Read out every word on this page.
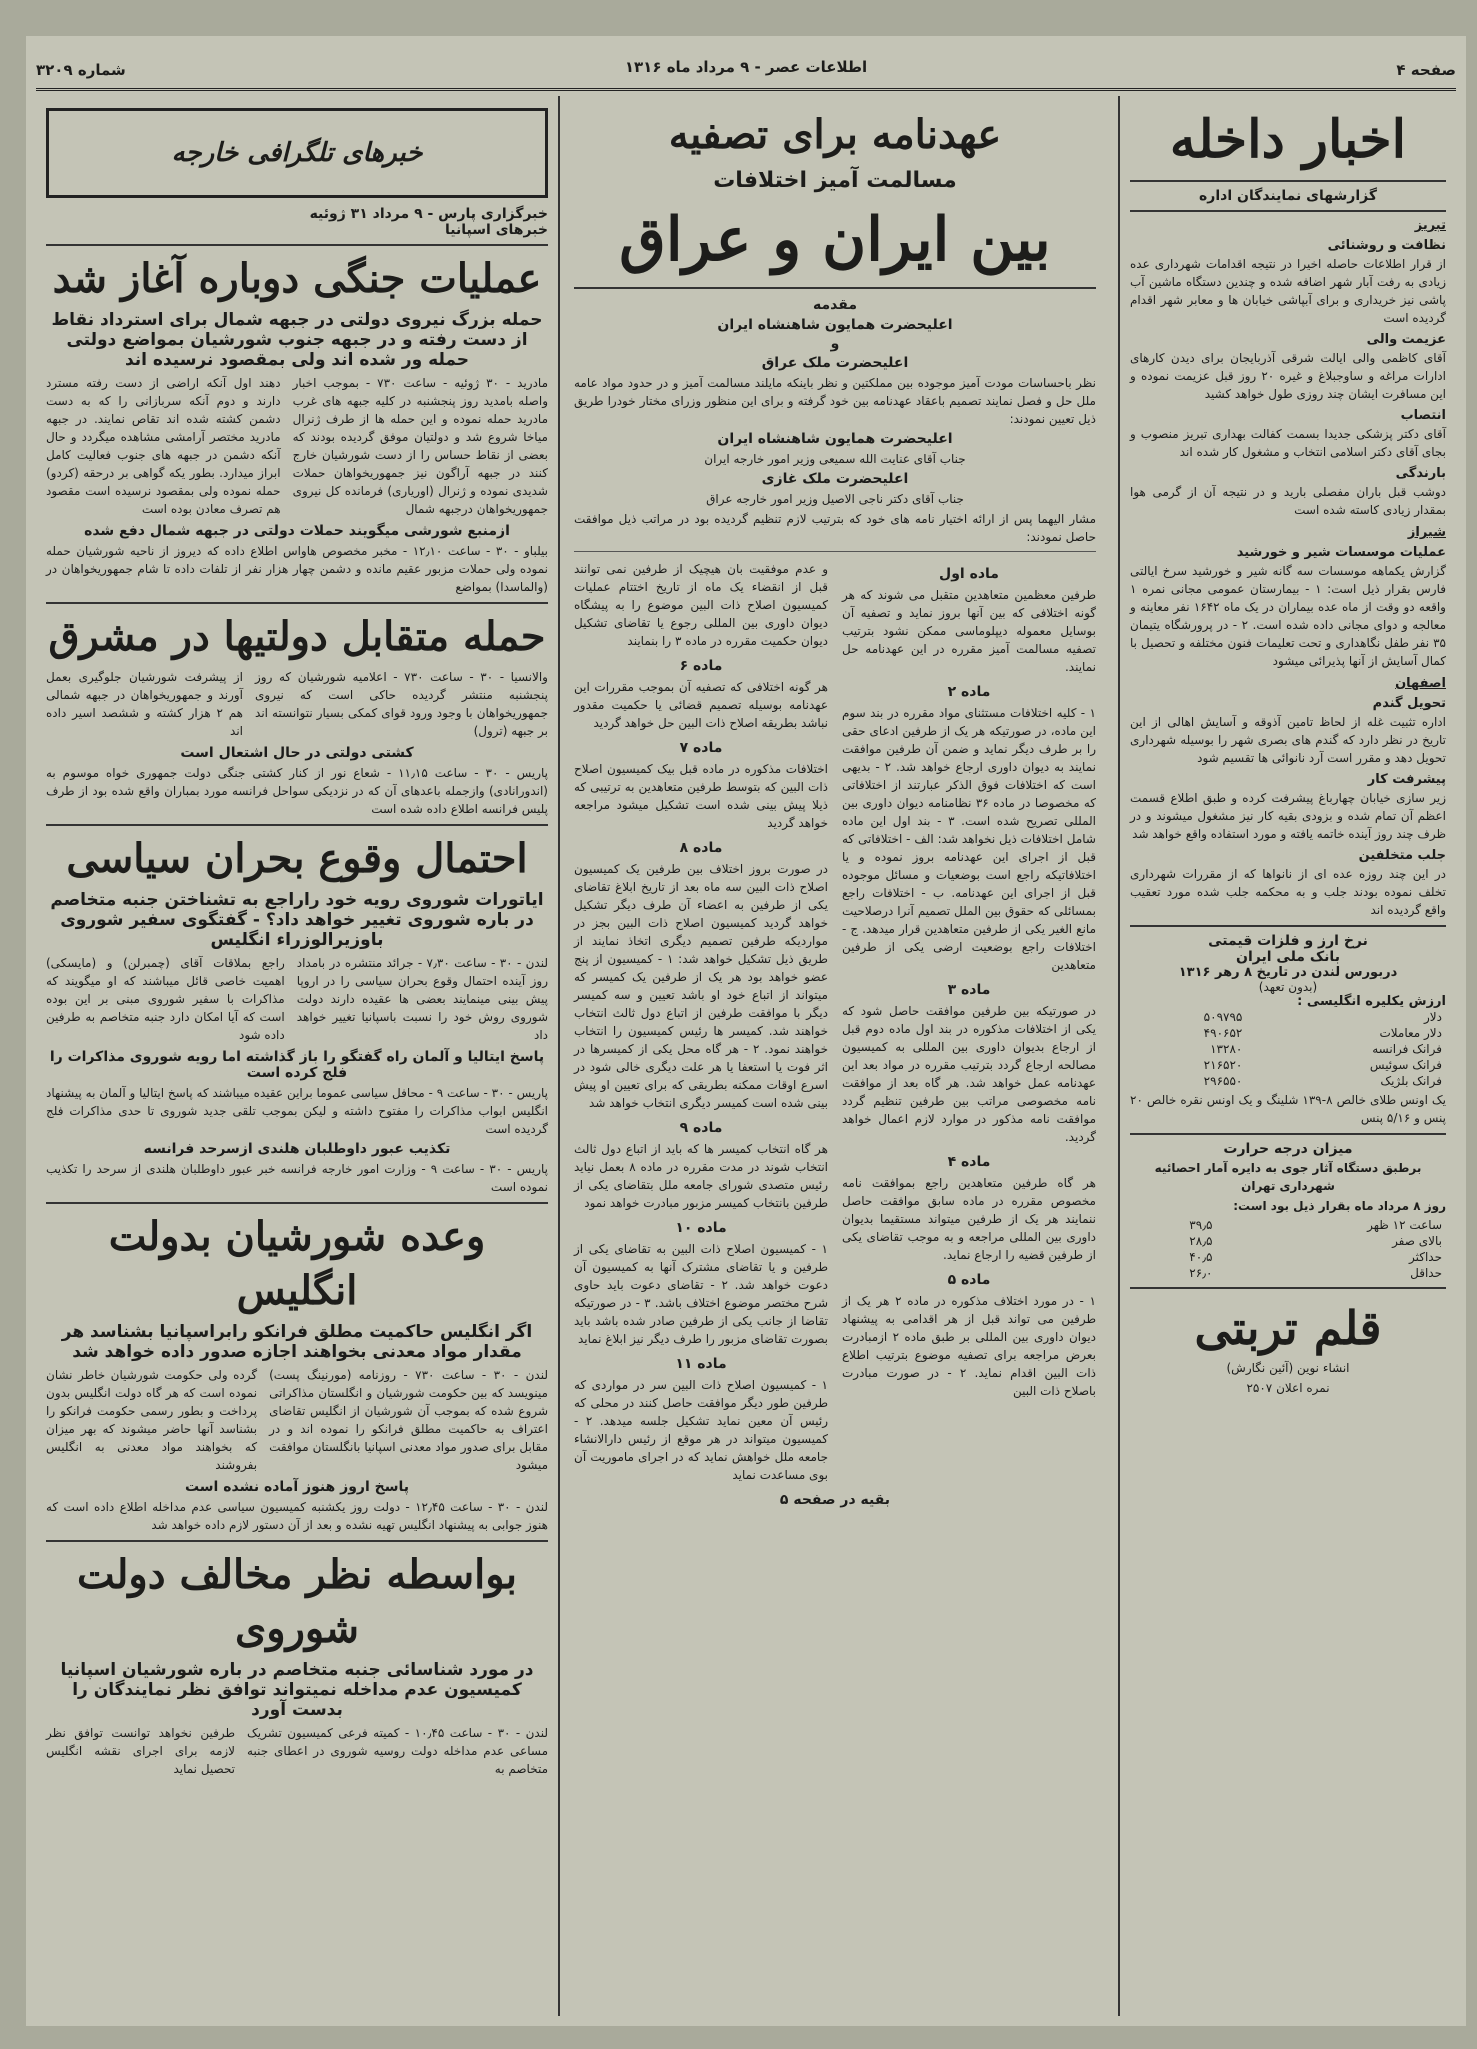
صفحه ۴
اطلاعات عصر - ۹ مرداد ماه ۱۳۱۶
شماره ۳۲۰۹
اخبار داخله
گزارشهای نمایندگان اداره
تبریز
نظافت و روشنائی

از قرار اطلاعات حاصله اخیرا در نتیجه اقدامات شهرداری عده زیادی به رفت آبار شهر اضافه شده و چندین دستگاه ماشین آب پاشی نیز خریداری و برای آبپاشی خیابان ها و معابر شهر اقدام گردیده است

عزیمت والی

آقای کاظمی والی ایالت شرقی آذربایجان برای دیدن کارهای ادارات مراغه و ساوجبلاغ و غیره ۲۰ روز قبل عزیمت نموده و این مسافرت ایشان چند روزی طول خواهد کشید

انتصاب

آقای دکتر پزشکی جدیدا بسمت کفالت بهداری تبریز منصوب و بجای آقای دکتر اسلامی انتخاب و مشغول کار شده اند

بارندگی

دوشب قبل باران مفصلی بارید و در نتیجه آن از گرمی هوا بمقدار زیادی کاسته شده است

شیراز
عملیات موسسات شیر و خورشید

گزارش یکماهه موسسات سه گانه شیر و خورشید سرخ ایالتی فارس بقرار ذیل است: ۱ - بیمارستان عمومی مجانی نمره ۱ واقعه دو وقت از ماه عده بیماران در یک ماه ۱۶۴۲ نفر معاینه و معالجه و دوای مجانی داده شده است. ۲ - در پرورشگاه یتیمان ۳۵ نفر طفل نگاهداری و تحت تعلیمات فنون مختلفه و تحصیل با کمال آسایش از آنها پذیرائی میشود

اصفهان
تحویل گندم

اداره تثبیت غله از لحاظ تامین آذوقه و آسایش اهالی از این تاریخ در نظر دارد که گندم های بصری شهر را بوسیله شهرداری تحویل دهد و مقرر است آرد نانوائی ها تقسیم شود

پیشرفت کار

زیر سازی خیابان چهارباغ پیشرفت کرده و طبق اطلاع قسمت اعظم آن تمام شده و بزودی بقیه کار نیز مشغول میشوند و در ظرف چند روز آینده خاتمه یافته و مورد استفاده واقع خواهد شد

جلب متخلفین

در این چند روزه عده ای از نانواها که از مقررات شهرداری تخلف نموده بودند جلب و به محکمه جلب شده مورد تعقیب واقع گردیده اند

نرخ ارز و فلزات قیمتی
بانک ملی ایران
دربورس لندن در تاریخ ۸ رهر ۱۳۱۶
(بدون تعهد)
ارزش یکلیره انگلیسی :
دلار	۵۰۹۷۹۵
دلار معاملات	۴۹۰۶۵۲
فرانک فرانسه	۱۳۲۸۰
فرانک سوئیس	۲۱۶۵۲۰
فرانک بلژیک	۲۹۶۵۵۰

یک اونس طلای خالص ۸-۱۳۹ شلینگ و یک اونس نقره خالص ۲۰ پنس و ۵/۱۶ پنس

میزان درجه حرارت

برطبق دستگاه آثار جوی به دایره آمار احصائیه شهرداری تهران

روز ۸ مرداد ماه بقرار ذیل بود است:

ساعت ۱۲ ظهر	۳۹٫۵
بالای صفر	۲۸٫۵
حداکثر	۴۰٫۵
حداقل	۲۶٫۰
قلم تربتی

انشاء نوین (آئین نگارش)

نمره اعلان ۲۵۰۷

عهدنامه برای تصفیه
مسالمت آمیز اختلافات
بین ایران و عراق
مقدمه
اعلیحضرت همایون شاهنشاه ایران
و
اعلیحضرت ملک عراق

نظر باحساسات مودت آمیز موجوده بین مملکتین و نظر باینکه مایلند مسالمت آمیز و در حدود مواد عامه ملل حل و فصل نمایند تصمیم باعقاد عهدنامه بین خود گرفته و برای این منظور وزرای مختار خودرا طریق ذیل تعیین نمودند:

اعلیحضرت همایون شاهنشاه ایران

جناب آقای عنایت الله سمیعی وزیر امور خارجه ایران

اعلیحضرت ملک غازی

جناب آقای دکتر ناجی الاصیل وزیر امور خارجه عراق

مشار الیهما پس از ارائه اختیار نامه های خود که بترتیب لازم تنظیم گردیده بود در مراتب ذیل موافقت حاصل نمودند:

ماده اول

طرفین معظمین متعاهدین متقبل می شوند که هر گونه اختلافی که بین آنها بروز نماید و تصفیه آن بوسایل معموله دیپلوماسی ممکن نشود بترتیب تصفیه مسالمت آمیز مقرره در این عهدنامه حل نمایند.

ماده ۲

۱ - کلیه اختلافات مستثنای مواد مقرره در بند سوم این ماده، در صورتیکه هر یک از طرفین ادعای حقی را بر طرف دیگر نماید و ضمن آن طرفین موافقت نمایند به دیوان داوری ارجاع خواهد شد. ۲ - بدیهی است که اختلافات فوق الذکر عبارتند از اختلافاتی که مخصوصا در ماده ۳۶ نظامنامه دیوان داوری بین المللی تصریح شده است. ۳ - بند اول این ماده شامل اختلافات ذیل نخواهد شد: الف - اختلافاتی که قبل از اجرای این عهدنامه بروز نموده و یا اختلافاتیکه راجع است بوضعیات و مسائل موجوده قبل از اجرای این عهدنامه. ب - اختلافات راجع بمسائلی که حقوق بین الملل تصمیم آنرا درصلاحیت مانع الغیر یکی از طرفین متعاهدین قرار میدهد. ج - اختلافات راجع بوضعیت ارضی یکی از طرفین متعاهدین

ماده ۳

در صورتیکه بین طرفین موافقت حاصل شود که یکی از اختلافات مذکوره در بند اول ماده دوم قبل از ارجاع بدیوان داوری بین المللی به کمیسیون مصالحه ارجاع گردد بترتیب مقرره در مواد بعد این عهدنامه عمل خواهد شد. هر گاه بعد از موافقت نامه مخصوصی مراتب بین طرفین تنظیم گردد موافقت نامه مذکور در موارد لازم اعمال خواهد گردید.

ماده ۴

هر گاه طرفین متعاهدین راجع بموافقت نامه مخصوص مقرره در ماده سابق موافقت حاصل ننمایند هر یک از طرفین میتواند مستقیما بدیوان داوری بین المللی مراجعه و به موجب تقاضای یکی از طرفین قضیه را ارجاع نماید.

ماده ۵

۱ - در مورد اختلاف مذکوره در ماده ۲ هر یک از طرفین می تواند قبل از هر اقدامی به پیشنهاد دیوان داوری بین المللی بر طبق ماده ۲ ازمبادرت بعرض مراجعه برای تصفیه موضوع بترتیب اطلاع ذات البین اقدام نماید. ۲ - در صورت مبادرت باصلاح ذات البین

و عدم موفقیت بان هیچیک از طرفین نمی توانند قبل از انقضاء یک ماه از تاریخ اختتام عملیات کمیسیون اصلاح ذات البین موضوع را به پیشگاه دیوان داوری بین المللی رجوع یا تقاضای تشکیل دیوان حکمیت مقرره در ماده ۳ را بنمایند

ماده ۶

هر گونه اختلافی که تصفیه آن بموجب مقررات این عهدنامه بوسیله تصمیم قضائی یا حکمیت مقدور نباشد بطریقه اصلاح ذات البین حل خواهد گردید

ماده ۷

اختلافات مذکوره در ماده قبل بیک کمیسیون اصلاح ذات البین که بتوسط طرفین متعاهدین به ترتیبی که ذیلا پیش بینی شده است تشکیل میشود مراجعه خواهد گردید

ماده ۸

در صورت بروز اختلاف بین طرفین یک کمیسیون اصلاح ذات البین سه ماه بعد از تاریخ ابلاغ تقاضای یکی از طرفین به اعضاء آن طرف دیگر تشکیل خواهد گردید کمیسیون اصلاح ذات البین بجز در مواردیکه طرفین تصمیم دیگری اتخاذ نمایند از طریق ذیل تشکیل خواهد شد: ۱ - کمیسیون از پنج عضو خواهد بود هر یک از طرفین یک کمیسر که میتواند از اتباع خود او باشد تعیین و سه کمیسر دیگر با موافقت طرفین از اتباع دول ثالث انتخاب خواهند شد. کمیسر ها رئیس کمیسیون را انتخاب خواهند نمود. ۲ - هر گاه محل یکی از کمیسرها در اثر فوت یا استعفا یا هر علت دیگری خالی شود در اسرع اوقات ممکنه بطریقی که برای تعیین او پیش بینی شده است کمیسر دیگری انتخاب خواهد شد

ماده ۹

هر گاه انتخاب کمیسر ها که باید از اتباع دول ثالث انتخاب شوند در مدت مقرره در ماده ۸ بعمل نیاید رئیس متصدی شورای جامعه ملل بتقاضای یکی از طرفین بانتخاب کمیسر مزبور مبادرت خواهد نمود

ماده ۱۰

۱ - کمیسیون اصلاح ذات البین به تقاضای یکی از طرفین و یا تقاضای مشترک آنها به کمیسیون آن دعوت خواهد شد. ۲ - تقاضای دعوت باید حاوی شرح مختصر موضوع اختلاف باشد. ۳ - در صورتیکه تقاضا از جانب یکی از طرفین صادر شده باشد باید بصورت تقاضای مزبور را طرف دیگر نیز ابلاغ نماید

ماده ۱۱

۱ - کمیسیون اصلاح ذات البین سر در مواردی که طرفین طور دیگر موافقت حاصل کنند در محلی که رئیس آن معین نماید تشکیل جلسه میدهد. ۲ - کمیسیون میتواند در هر موقع از رئیس دارالانشاء جامعه ملل خواهش نماید که در اجرای ماموریت آن بوی مساعدت نماید

بقیه در صفحه ۵
خبرهای تلگرافی خارجه
خبرگزاری پارس - ۹ مرداد ۳۱ ژوئیه
خبرهای اسپانیا
عملیات جنگی دوباره آغاز شد
حمله بزرگ نیروی دولتی در جبهه شمال برای استرداد نقاط از دست رفته و در جبهه جنوب شورشیان بمواضع دولتی حمله ور شده اند ولی بمقصود نرسیده اند

مادرید - ۳۰ ژوئیه - ساعت ۷۳۰ - بموجب اخبار واصله بامدید روز پنجشنبه در کلیه جبهه های غرب مادرید حمله نموده و این حمله ها از طرف ژنرال میاخا شروع شد و دولتیان موفق گردیده بودند که بعضی از نقاط حساس را از دست شورشیان خارج کنند در جبهه آراگون نیز جمهوریخواهان حملات شدیدی نموده و ژنرال (اوریاری) فرمانده کل نیروی جمهوریخواهان درجبهه شمال

دهند اول آنکه اراضی از دست رفته مسترد دارند و دوم آنکه سربازانی را که به دست دشمن کشته شده اند تقاص نمایند. در جبهه مادرید مختصر آرامشی مشاهده میگردد و حال آنکه دشمن در جبهه های جنوب فعالیت کامل ابراز میدارد. بطور یکه گواهی بر درحقه (کردو) حمله نموده ولی بمقصود نرسیده است مقصود هم تصرف معادن بوده است

ازمنبع شورشی میگویند حملات دولتی در جبهه شمال دفع شده

بیلباو - ۳۰ - ساعت ۱۲٫۱۰ - مخبر مخصوص هاواس اطلاع داده که دیروز از ناحیه شورشیان حمله نموده ولی حملات مزبور عقیم مانده و دشمن چهار هزار نفر از تلفات داده تا شام جمهوریخواهان در (والماسدا) بمواضع

حمله متقابل دولتیها در مشرق

والانسیا - ۳۰ - ساعت ۷۳۰ - اعلامیه شورشیان که روز پنجشنبه منتشر گردیده حاکی است که نیروی جمهوریخواهان با وجود ورود قوای کمکی بسیار نتوانسته اند بر جبهه (ترول)

از پیشرفت شورشیان جلوگیری بعمل آورند و جمهوریخواهان در جبهه شمالی هم ۲ هزار کشته و ششصد اسیر داده اند

کشتی دولتی در حال اشتعال است

پاریس - ۳۰ - ساعت ۱۱٫۱۵ - شعاع نور از کنار کشتی جنگی دولت جمهوری خواه موسوم به (اندورانادی) وازجمله باعدهای آن که در نزدیکی سواحل فرانسه مورد بمباران واقع شده بود از طرف پلیس فرانسه اطلاع داده شده است

احتمال وقوع بحران سیاسی
اياتورات شوروی رویه خود راراجع به تشناختن جنبه متخاصم در باره شوروی تغییر خواهد داد؟ - گفتگوی سفیر شوروی باوزیرالوزراء انگلیس

لندن - ۳۰ - ساعت ۷٫۳۰ - جرائد منتشره در بامداد روز آینده احتمال وقوع بحران سیاسی را در اروپا پیش بینی مینمایند بعضی ها عقیده دارند دولت شوروی روش خود را نسبت باسپانیا تغییر خواهد داد

راجع بملاقات آقای (چمبرلن) و (مایسکی) اهمیت خاصی قائل میباشند که او میگویند که مذاکرات با سفیر شوروی مبنی بر این بوده است که آیا امکان دارد جنبه متخاصم به طرفین داده شود

پاسخ ایتالیا و آلمان راه گفتگو را باز گذاشته اما رویه شوروی مذاکرات را فلج کرده است

پاریس - ۳۰ - ساعت ۹ - محافل سیاسی عموما براین عقیده میباشند که پاسخ ایتالیا و آلمان به پیشنهاد انگلیس ابواب مذاکرات را مفتوح داشته و لیکن بموجب تلقی جدید شوروی تا حدی مذاکرات فلج گردیده است

تکذیب عبور داوطلبان هلندی ازسرحد فرانسه

پاریس - ۳۰ - ساعت ۹ - وزارت امور خارجه فرانسه خبر عبور داوطلبان هلندی از سرحد را تکذیب نموده است

وعده شورشیان بدولت انگلیس
اگر انگلیس حاکمیت مطلق فرانکو رابراسپانیا بشناسد هر مقدار مواد معدنی بخواهند اجازه صدور داده خواهد شد

لندن - ۳۰ - ساعت ۷۳۰ - روزنامه (مورنینگ پست) مینویسد که بین حکومت شورشیان و انگلستان مذاکراتی شروع شده که بموجب آن شورشیان از انگلیس تقاضای اعتراف به حاکمیت مطلق فرانکو را نموده اند و در مقابل برای صدور مواد معدنی اسپانیا بانگلستان موافقت میشود

گرده ولی حکومت شورشیان خاطر نشان نموده است که هر گاه دولت انگلیس بدون پرداخت و بطور رسمی حکومت فرانکو را بشناسد آنها حاضر میشوند که بهر میزان که بخواهند مواد معدنی به انگلیس بفروشند

پاسخ اروز هنوز آماده نشده است

لندن - ۳۰ - ساعت ۱۲٫۴۵ - دولت روز یکشنبه کمیسیون سیاسی عدم مداخله اطلاع داده است که هنوز جوابی به پیشنهاد انگلیس تهیه نشده و بعد از آن دستور لازم داده خواهد شد

بواسطه نظر مخالف دولت شوروی
در مورد شناسائی جنبه متخاصم در باره شورشیان اسپانیا کمیسیون عدم مداخله نمیتواند توافق نظر نمایندگان را بدست آورد

لندن - ۳۰ - ساعت ۱۰٫۴۵ - کمیته فرعی کمیسیون تشریک مساعی عدم مداخله دولت روسیه شوروی در اعطای جنبه متخاصم به

طرفین نخواهد توانست توافق نظر لازمه برای اجرای نقشه انگلیس تحصیل نماید
